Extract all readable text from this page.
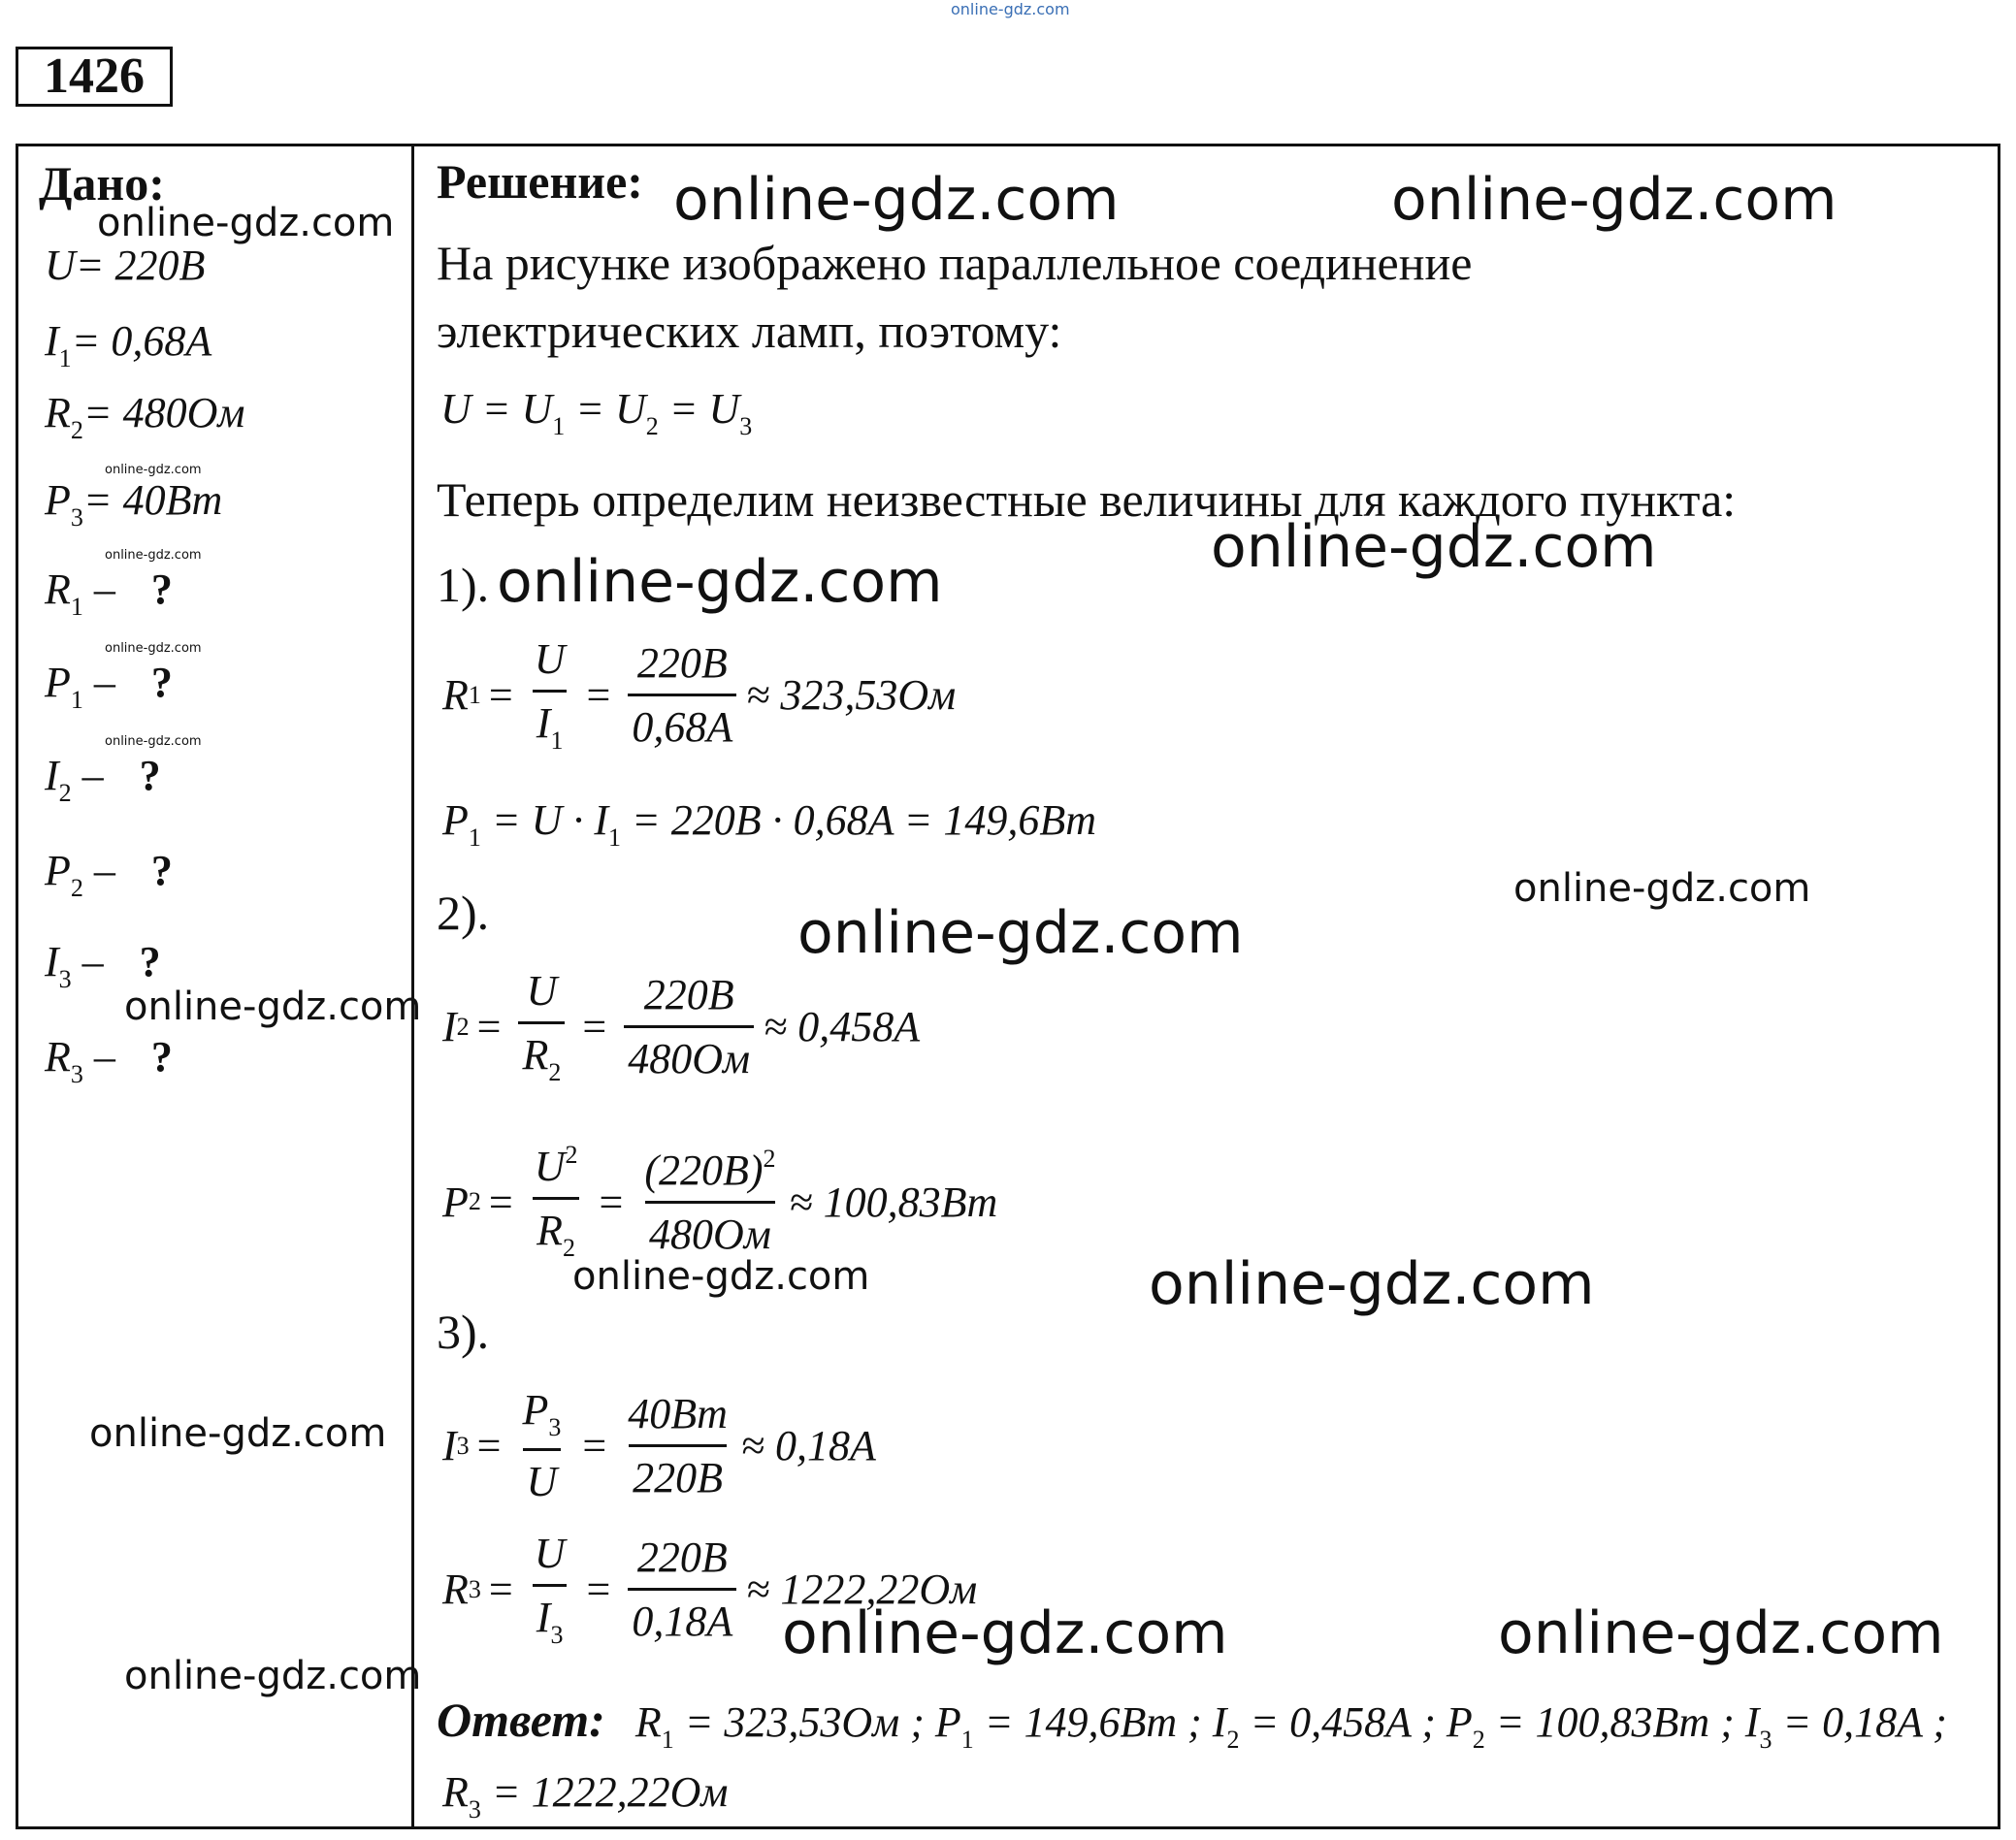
online-gdz.com
1426
Дано:
U= 220B
$I_1= 0,68A$
$R_2= 480Ом$
$P_3= 40Bm$
$R_1$ – ?
$P_1$ – ?
$I_2$ – ?
$P_2$ – ?
$I_3$ – ?
$R_3$ – ?
Решение:
На рисунке изображено параллельное соединение
электрических ламп, поэтому:
$U = U_1 = U_2 = U_3$
Теперь определим неизвестные величины для каждого пункта:
1).
R $1 = \frac{U}{I_1} = \frac{220B}{0,68A} \approx 323,53Ом$
$P_1 = U \cdot I_1 = 220B \cdot 0,68A = 149,6Bm$
2).
I $2 = \frac{U}{R_2}$ =
220B
480Ом
≈ 0,458A
P $2 = \frac{U^2}{R_2}$ =
$(220B)^2$
480Ом
≈ 100,83Bm
3).
I $3 = \frac{P_3}{U} = \frac{40Bm}{220B} \approx 0,18A$
R $3 = \frac{U}{I_3} = \frac{220B}{0,18A} \approx 1222,22Ом$
Ответ: $R_1 = 323,53Ом$ ; $P_1 = 149,6Bm$ ; $I_2 = 0,458A$ ; $P_2 = 100,83Bm$ ; $I_3 = 0,18A$ ;
$R_3 = 1222,22Ом$
online-gdz.com	online-gdz.com
online-gdz.com
online-gdz.com
online-gdz.com
online-gdz.com
online-gdz.com
online-gdz.com
online-gdz.com
online-gdz.com
online-gdz.com
online-gdz.com
online-gdz.com	online-gdz.com
online-gdz.com
online-gdz.com	online-gdz.com
online-gdz.com
